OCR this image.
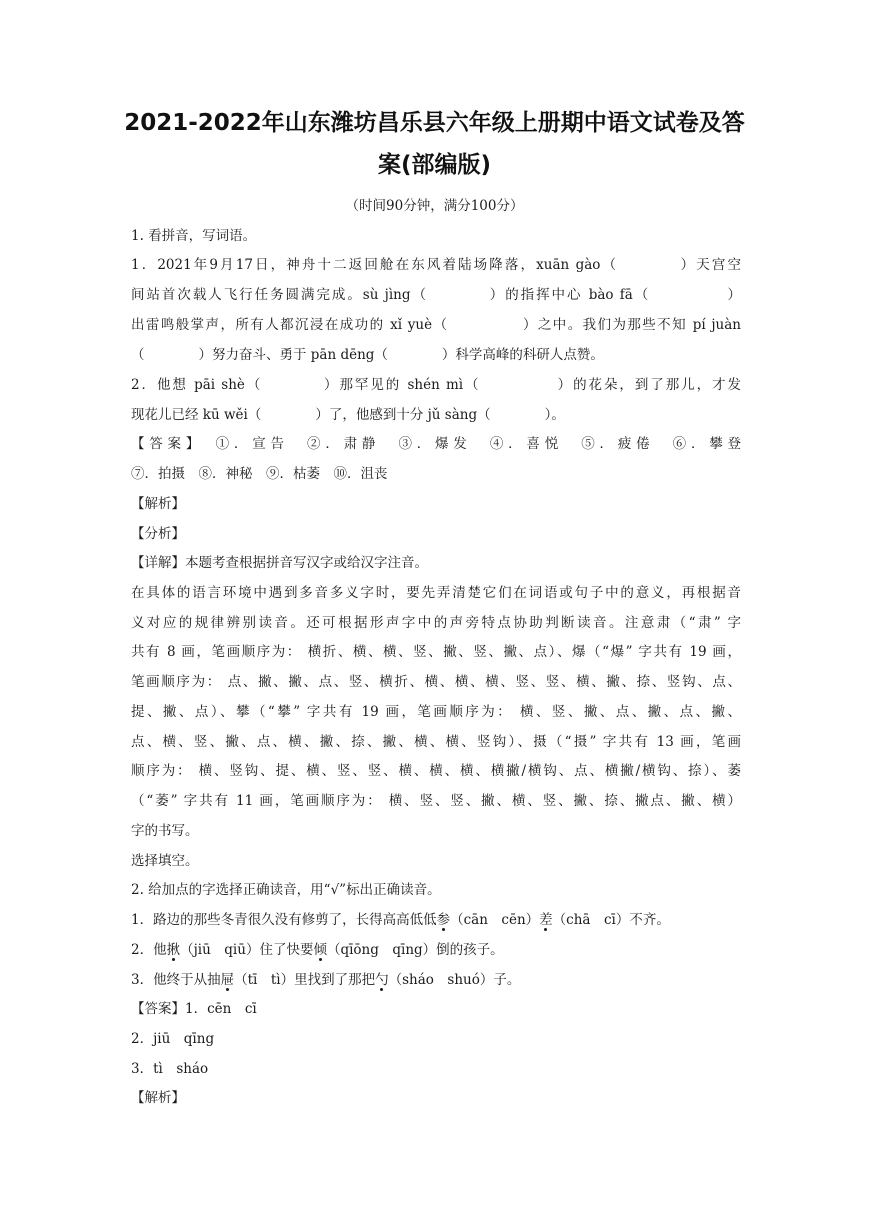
2021-2022年山东潍坊昌乐县六年级上册期中语文试卷及答
案(部编版)
（时间90分钟，满分100分）
1. 看拼音，写词语。
1．2021年9月17日，神舟十二返回舱在东风着陆场降落，xuān gào（　　　　）天宫空
间站首次载人飞行任务圆满完成。sù jìng（　　　　）的指挥中心 bào fā（　　　　　）
出雷鸣般掌声，所有人都沉浸在成功的 xǐ yuè（　　　　　）之中。我们为那些不知 pí juàn
（　　　　）努力奋斗、勇于 pān dēng（　　　　）科学高峰的科研人点赞。
2．他想 pāi shè（　　　　）那罕见的 shén mì（　　　　　）的花朵，到了那儿，才发
现花儿已经 kū wěi（　　　　）了，他感到十分 jǔ sàng（　　　　）。
【答案】　①．宣告　②．肃静　③．爆发　④．喜悦　⑤．疲倦　⑥．攀登
⑦．拍摄　⑧．神秘　⑨．枯萎　⑩．沮丧
【解析】
【分析】
【详解】本题考查根据拼音写汉字或给汉字注音。
在具体的语言环境中遇到多音多义字时，要先弄清楚它们在词语或句子中的意义，再根据音
义对应的规律辨别读音。还可根据形声字中的声旁特点协助判断读音。注意肃（“肃” 字
共有 8 画，笔画顺序为： 横折、横、横、竖、撇、竖、撇、点）、爆（“爆” 字共有 19 画，
笔画顺序为： 点、撇、撇、点、竖、横折、横、横、横、竖、竖、横、撇、捺、竖钩、点、
提、撇、点）、攀（“攀” 字共有 19 画，笔画顺序为： 横、竖、撇、点、撇、点、撇、
点、横、竖、撇、点、横、撇、捺、撇、横、横、竖钩）、摄（“摄” 字共有 13 画，笔画
顺序为： 横、竖钩、提、横、竖、竖、横、横、横、横撇/横钩、点、横撇/横钩、捺）、萎
（“萎” 字共有 11 画，笔画顺序为： 横、竖、竖、撇、横、竖、撇、捺、撇点、撇、横）
字的书写。
选择填空。
2. 给加点的字选择正确读音，用“√”标出正确读音。
1．路边的那些冬青很久没有修剪了，长得高高低低参（cān　cēn）差（chā　cī）不齐。
2．他揪（jiū　qiū）住了快要倾（qīōng　qīng）倒的孩子。
3．他终于从抽屉（tī　tì）里找到了那把勺（sháo　shuó）子。
【答案】1．cēn　cī
2．jiū　qīng
3．tì　sháo
【解析】
